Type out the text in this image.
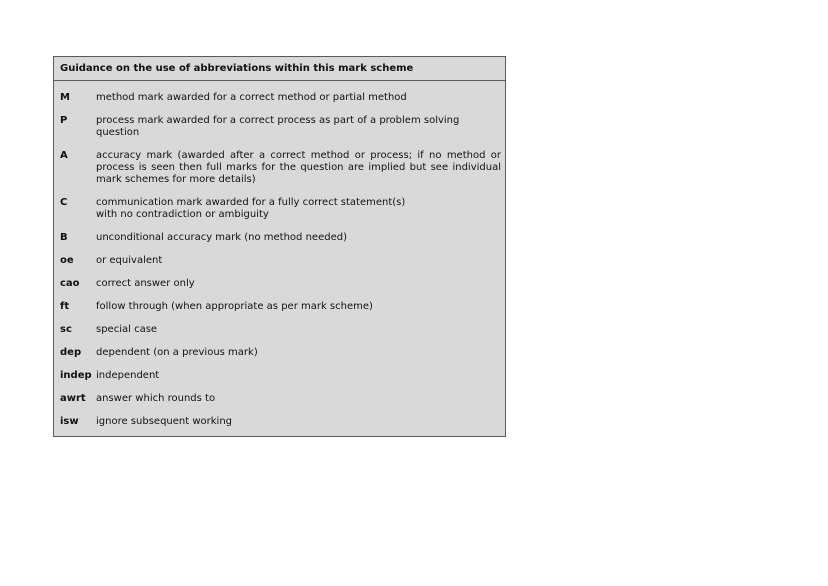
Guidance on the use of abbreviations within this mark scheme
M	method mark awarded for a correct method or partial method
P	process mark awarded for a correct process as part of a problem solving question
A	accuracy mark (awarded after a correct method or process; if no method or process is seen then full marks for the question are implied but see individual mark schemes for more details)
C	communication mark awarded for a fully correct statement(s)
with no contradiction or ambiguity
B	unconditional accuracy mark (no method needed)
oe	or equivalent
cao	correct answer only
ft	follow through (when appropriate as per mark scheme)
sc	special case
dep	dependent (on a previous mark)
indep independent
awrt	answer which rounds to
isw	ignore subsequent working
